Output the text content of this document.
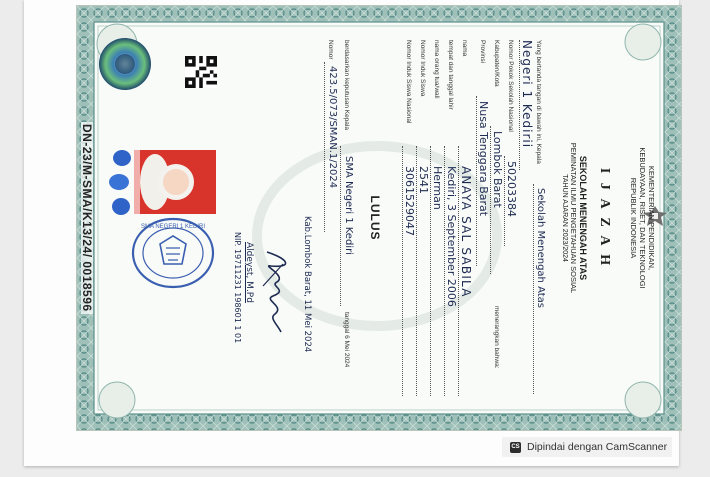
SMA NEGERI 1 KEDIRI
DN-23/M-SMA/K13/24/ 0018596	KEMENTERIAN PENDIDIKAN,
KEBUDAYAAN, RISET, DAN TEKNOLOGI
REPUBLIK INDONESIA
I J A Z A H
SEKOLAH MENENGAH ATAS
PEMINATAN ILMU PENGETAHUAN SOSIAL
TAHUN AJARAN 2023/2024
Yang bertanda tangan di bawah ini, Kepala
Sekolah Menengah Atas
Negeri 1 Kedirii
Nomor Pokok Sekolah Nasional
50203384
Kabupaten/Kota
Lombok Barat
menerangkan bahwa:
Provinsi
Nusa Tenggara Barat
nama
ANAYA SAL SABILA
tempat dan tanggal lahir
Kediri, 3 September 2006
nama orang tua/wali
Herman
Nomor Induk Siswa
2541
Nomor Induk Siswa Nasional
3061529047
LULUS
berdasarkan keputusan Kepala
SMA Negeri 1 Kediri
tanggal 6 Mei 2024
Nomor
423.5/073/SMAN.1/2024
Kab.Lombok Barat, 11 Mei 2024
Aldeyst, M.Pd
NIP. 19711231 198601 1 01
CS Dipindai dengan CamScanner
